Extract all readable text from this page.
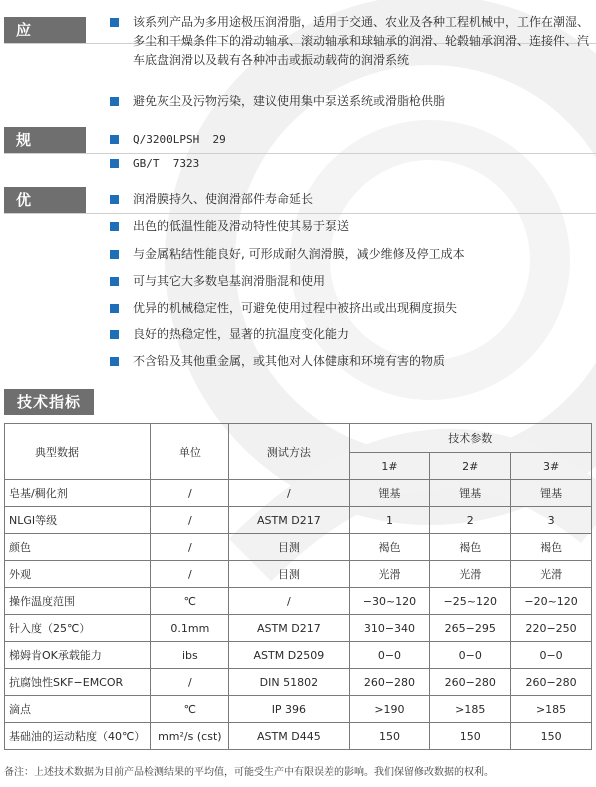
应 用
该系列产品为多用途极压润滑脂，适用于交通、农业及各种工程机械中，工作在潮湿、多尘和干燥条件下的滑动轴承、滚动轴承和球轴承的润滑、轮毂轴承润滑、连接件、汽车底盘润滑以及载有各种冲击或振动载荷的润滑系统
避免灰尘及污物污染，建议使用集中泵送系统或滑脂枪供脂
规 格
Q/3200LPSH  29
GB/T  7323
优 势
润滑膜持久、使润滑部件寿命延长
出色的低温性能及滑动特性使其易于泵送
与金属粘结性能良好, 可形成耐久润滑膜，减少维修及停工成本
可与其它大多数皂基润滑脂混和使用
优异的机械稳定性，可避免使用过程中被挤出或出现稠度损失
良好的热稳定性，显著的抗温度变化能力
不含铅及其他重金属，或其他对人体健康和环境有害的物质
技术指标
典型数据	单位	测试方法	技术参数		
			1#	2#	3#
皂基/稠化剂	/	/	锂基	锂基	锂基
NLGI等级	/	ASTM D217	1	2	3
颜色	/	目测	褐色	褐色	褐色
外观	/	目测	光滑	光滑	光滑
操作温度范围	℃	/	−30~120	−25~120	−20~120
针入度（25℃）	0.1mm	ASTM D217	310−340	265−295	220−250
梯姆肯OK承载能力	ibs	ASTM D2509	0−0	0−0	0−0
抗腐蚀性SKF−EMCOR	/	DIN 51802	260−280	260−280	260−280
滴点	℃	IP 396	>190	>185	>185
基础油的运动粘度（40℃）	mm²/s (cst)	ASTM D445	150	150	150
备注：上述技术数据为目前产品检测结果的平均值，可能受生产中有限误差的影响。我们保留修改数据的权利。
